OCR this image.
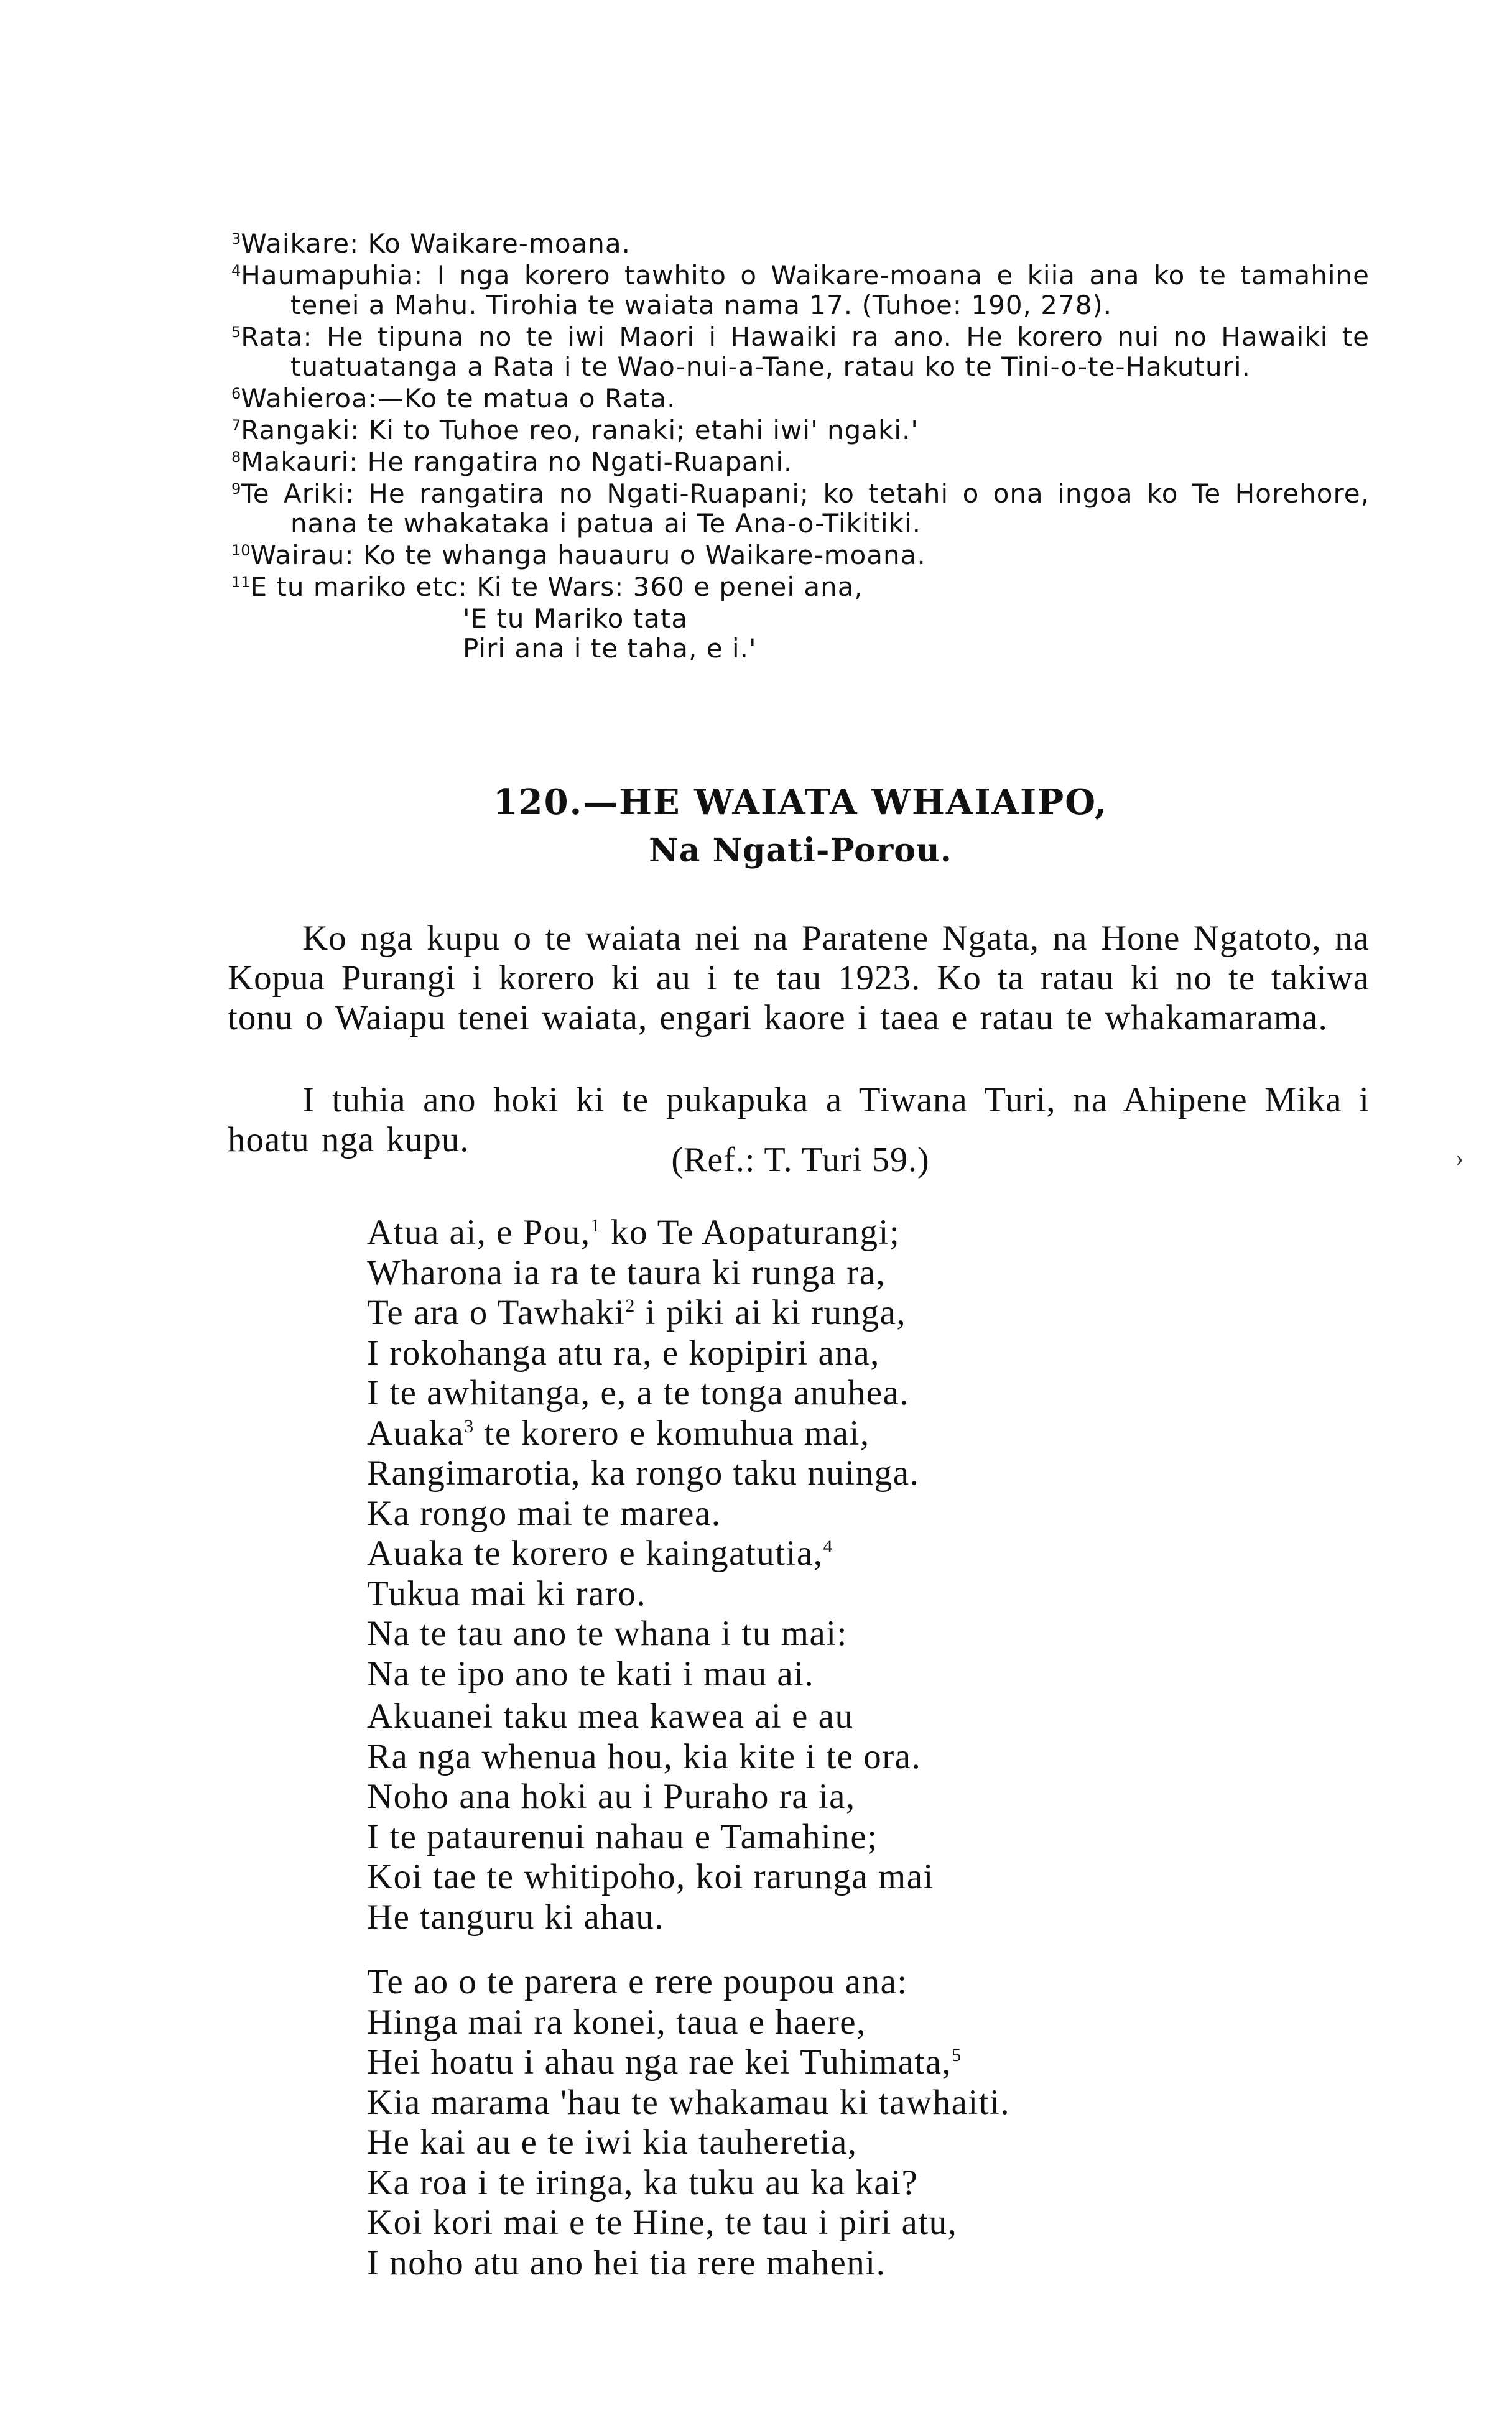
$^3$Waikare: Ko Waikare-moana.

$^4$Haumapuhia: I nga korero tawhito o Waikare-moana e kiia ana ko te tamahine tenei a Mahu. Tirohia te waiata nama 17. (Tuhoe: 190, 278).

$^5$Rata: He tipuna no te iwi Maori i Hawaiki ra ano. He korero nui no Hawaiki te tuatuatanga a Rata i te Wao-nui-a-Tane, ratau ko te Tini-o-te-Hakuturi.

$^6$Wahieroa:—Ko te matua o Rata.

$^7$Rangaki: Ki to Tuhoe reo, ranaki; etahi iwi' ngaki.'

$^8$Makauri: He rangatira no Ngati-Ruapani.

$^9$Te Ariki: He rangatira no Ngati-Ruapani; ko tetahi o ona ingoa ko Te Horehore, nana te whakataka i patua ai Te Ana-o-Tikitiki.

$^{10}$Wairau: Ko te whanga hauauru o Waikare-moana.

$^{11}$E tu mariko etc: Ki te Wars: 360 e penei ana,

'E tu Mariko tata

Piri ana i te taha, e i.'

120.—HE WAIATA WHAIAIPO,
Na Ngati-Porou.

Ko nga kupu o te waiata nei na Paratene Ngata, na Hone Ngatoto, na Kopua Purangi i korero ki au i te tau 1923. Ko ta ratau ki no te takiwa tonu o Waiapu tenei waiata, engari kaore i taea e ratau te whakamarama.

I tuhia ano hoki ki te pukapuka a Tiwana Turi, na Ahipene Mika i hoatu nga kupu.

(Ref.: T. Turi 59.)	›
Atua ai, e Pou,$^1$ ko Te Aopaturangi;
Wharona ia ra te taura ki runga ra,
Te ara o Tawhaki$^2$ i piki ai ki runga,
I rokohanga atu ra, e kopipiri ana,
I te awhitanga, e, a te tonga anuhea.
Auaka$^3$ te korero e komuhua mai,
Rangimarotia, ka rongo taku nuinga.
Ka rongo mai te marea.
Auaka te korero e kaingatutia,$^4$
Tukua mai ki raro.
Na te tau ano te whana i tu mai:
Na te ipo ano te kati i mau ai.
Akuanei taku mea kawea ai e au
Ra nga whenua hou, kia kite i te ora.
Noho ana hoki au i Puraho ra ia,
I te pataurenui nahau e Tamahine;
Koi tae te whitipoho, koi rarunga mai
He tanguru ki ahau.
Te ao o te parera e rere poupou ana:
Hinga mai ra konei, taua e haere,
Hei hoatu i ahau nga rae kei Tuhimata,$^5$
Kia marama 'hau te whakamau ki tawhaiti.
He kai au e te iwi kia tauheretia,
Ka roa i te iringa, ka tuku au ka kai?
Koi kori mai e te Hine, te tau i piri atu,
I noho atu ano hei tia rere maheni.
